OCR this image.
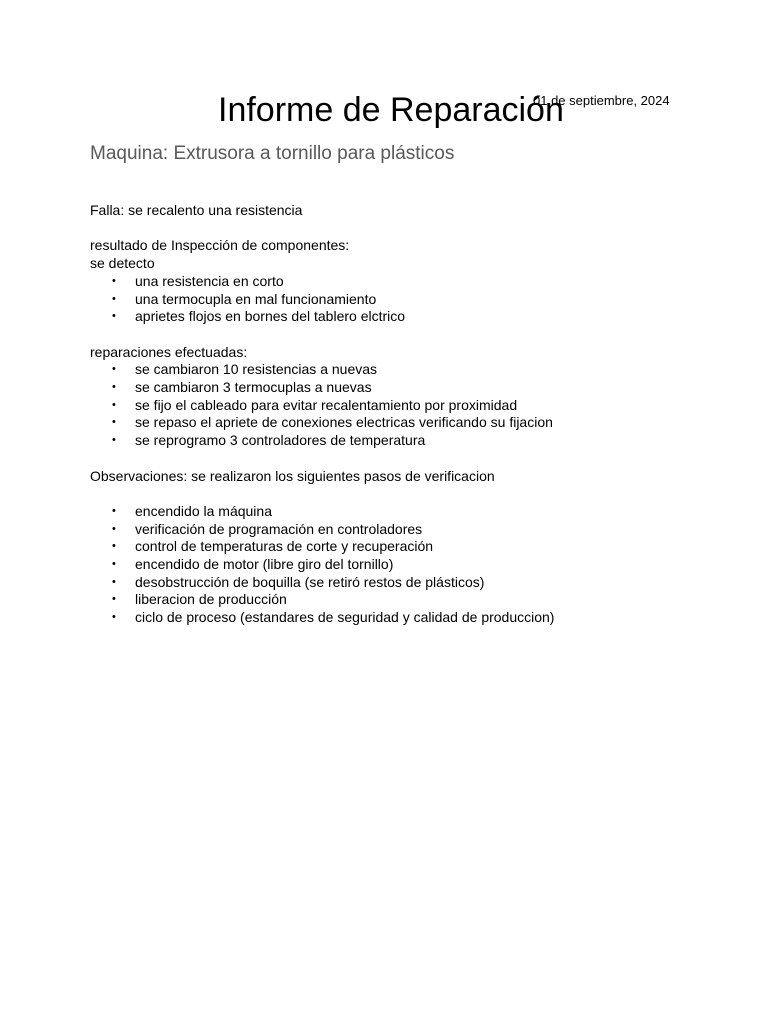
Informe de Reparación
01 de septiembre, 2024
Maquina: Extrusora a tornillo para plásticos

Falla: se recalento una resistencia

resultado de Inspección de componentes:

se detecto

• una resistencia en corto
• una termocupla en mal funcionamiento
• aprietes flojos en bornes del tablero elctrico

reparaciones efectuadas:

• se cambiaron 10 resistencias a nuevas
• se cambiaron 3 termocuplas a nuevas
• se fijo el cableado para evitar recalentamiento por proximidad
• se repaso el apriete de conexiones electricas verificando su fijacion
• se reprogramo 3 controladores de temperatura

Observaciones: se realizaron los siguientes pasos de verificacion

• encendido la máquina
• verificación de programación en controladores
• control de temperaturas de corte y recuperación
• encendido de motor (libre giro del tornillo)
• desobstrucción de boquilla (se retiró restos de plásticos)
• liberacion de producción
• ciclo de proceso (estandares de seguridad y calidad de produccion)
